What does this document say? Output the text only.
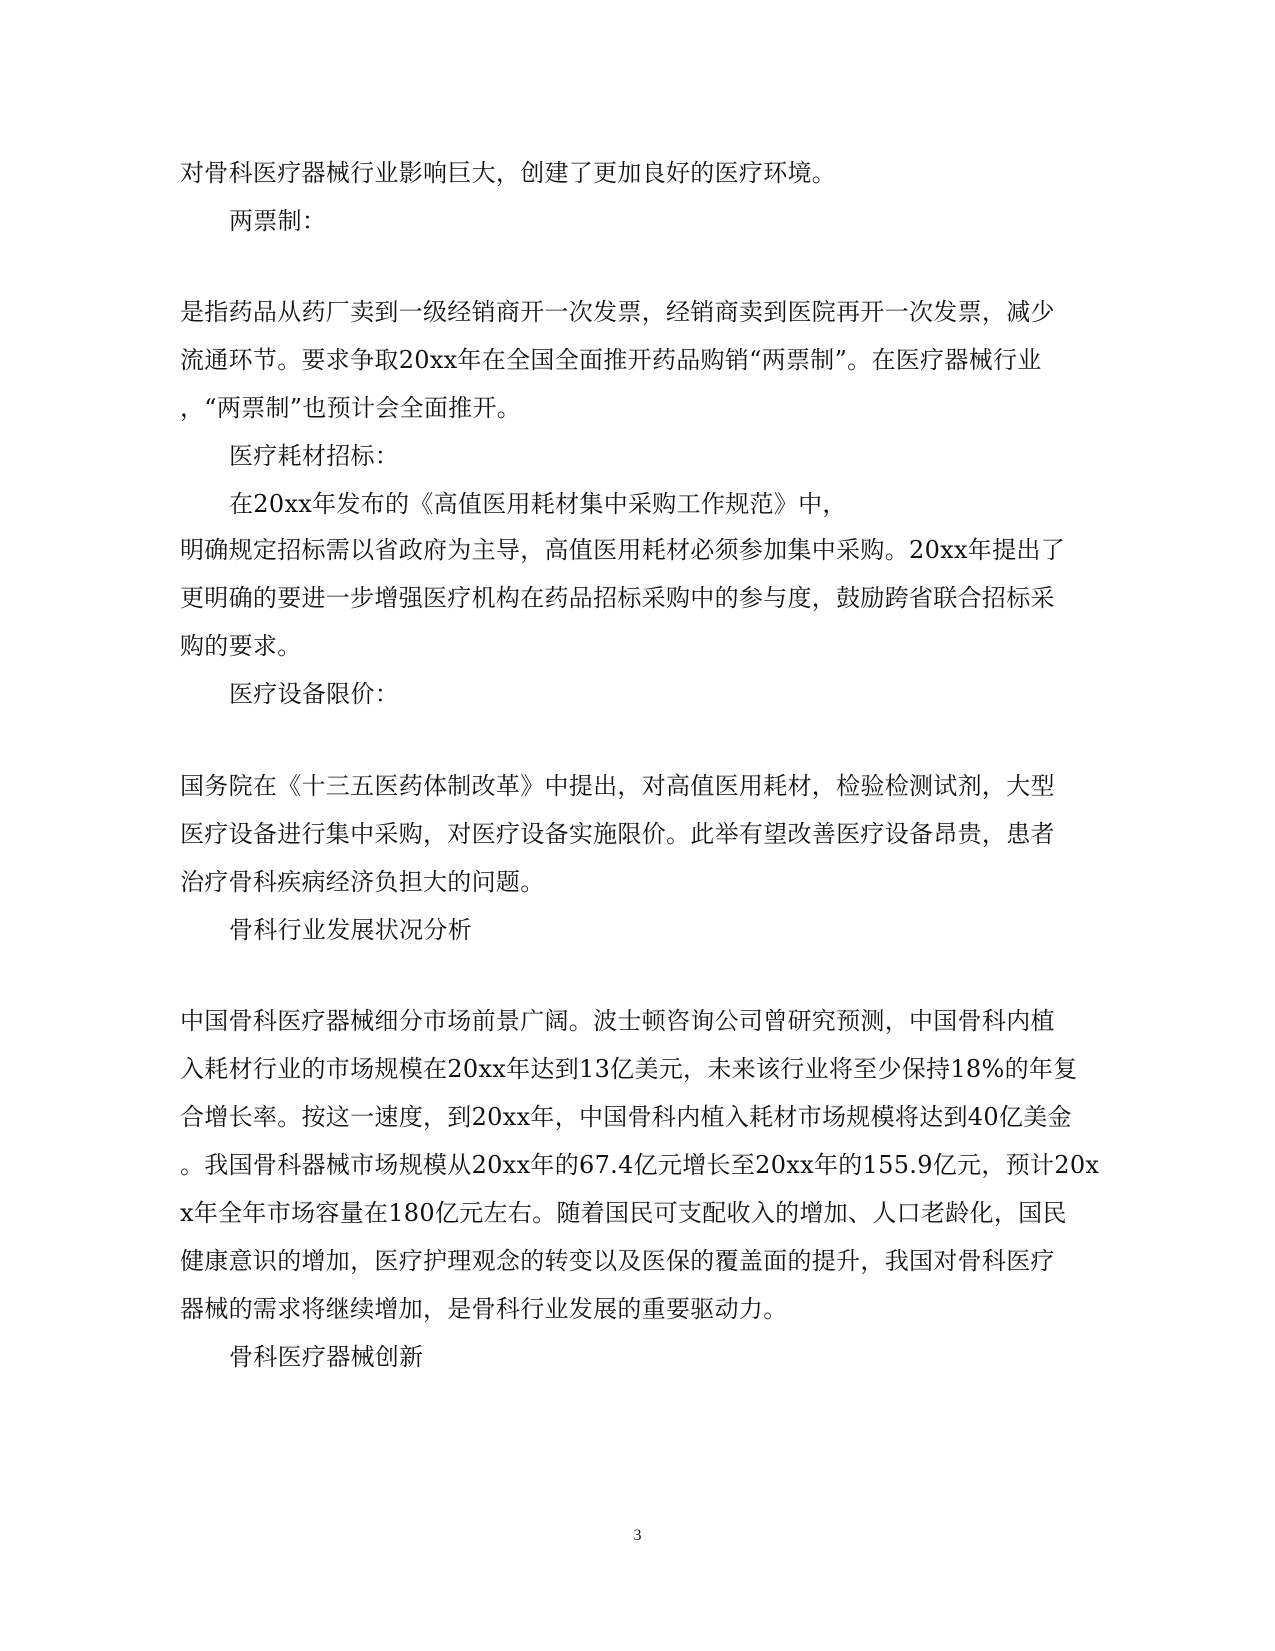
对骨科医疗器械行业影响巨大，创建了更加良好的医疗环境。
两票制：
是指药品从药厂卖到一级经销商开一次发票，经销商卖到医院再开一次发票，减少
流通环节。要求争取20xx年在全国全面推开药品购销“两票制”。在医疗器械行业
，“两票制”也预计会全面推开。
医疗耗材招标：
在20xx年发布的《高值医用耗材集中采购工作规范》中，
明确规定招标需以省政府为主导，高值医用耗材必须参加集中采购。20xx年提出了
更明确的要进一步增强医疗机构在药品招标采购中的参与度，鼓励跨省联合招标采
购的要求。
医疗设备限价：
国务院在《十三五医药体制改革》中提出，对高值医用耗材，检验检测试剂，大型
医疗设备进行集中采购，对医疗设备实施限价。此举有望改善医疗设备昂贵，患者
治疗骨科疾病经济负担大的问题。
骨科行业发展状况分析
中国骨科医疗器械细分市场前景广阔。波士顿咨询公司曾研究预测，中国骨科内植
入耗材行业的市场规模在20xx年达到13亿美元，未来该行业将至少保持18%的年复
合增长率。按这一速度，到20xx年，中国骨科内植入耗材市场规模将达到40亿美金
。我国骨科器械市场规模从20xx年的67.4亿元增长至20xx年的155.9亿元，预计20x
x年全年市场容量在180亿元左右。随着国民可支配收入的增加、人口老龄化，国民
健康意识的增加，医疗护理观念的转变以及医保的覆盖面的提升，我国对骨科医疗
器械的需求将继续增加，是骨科行业发展的重要驱动力。
骨科医疗器械创新
3
